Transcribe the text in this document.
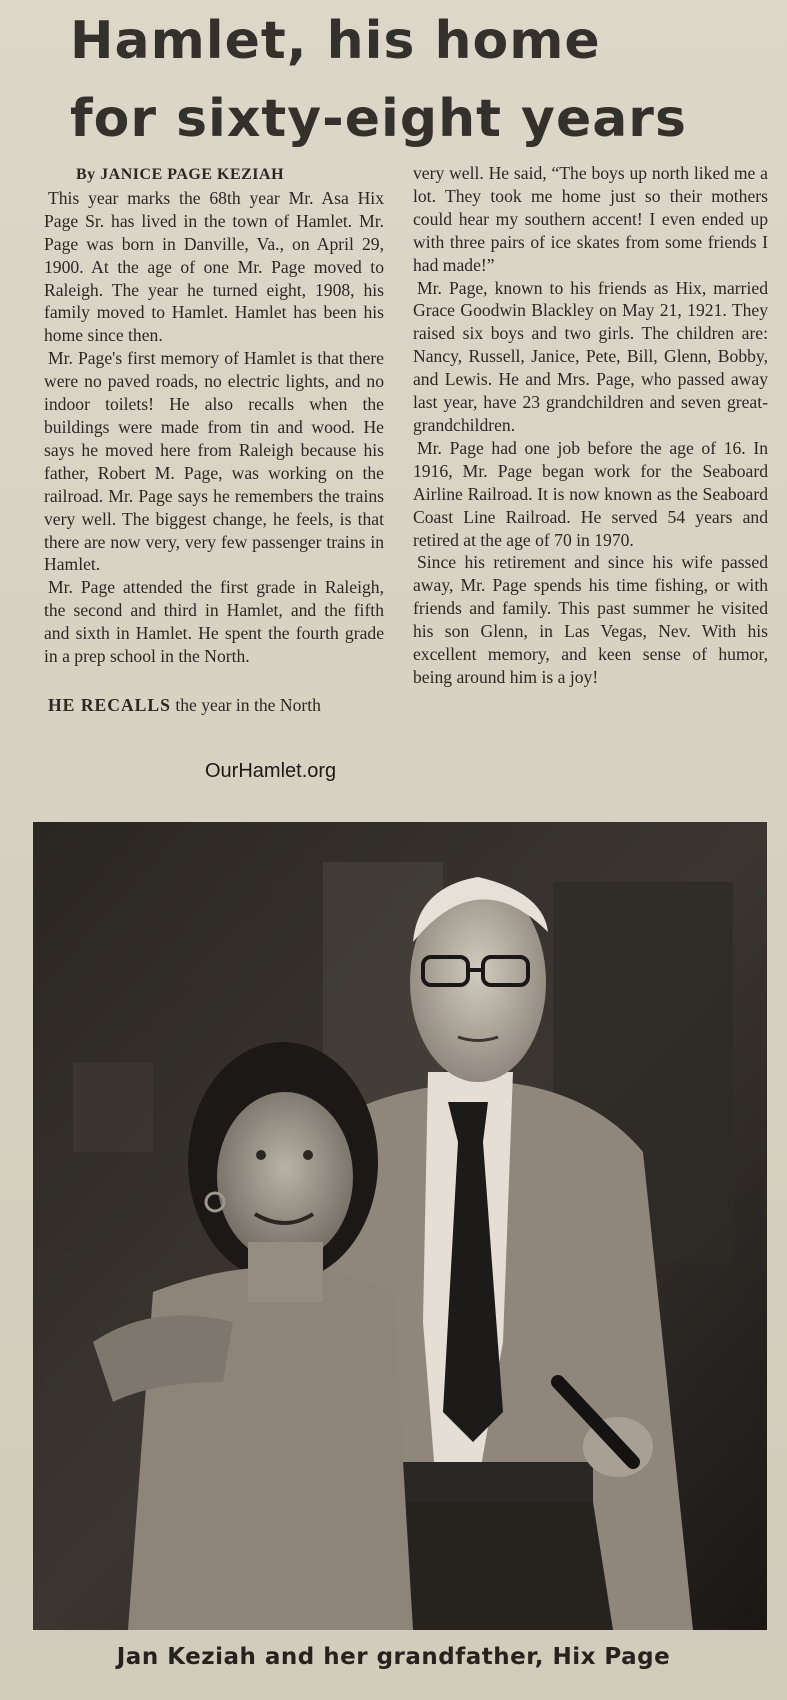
Hamlet, his home
for sixty-eight years
By JANICE PAGE KEZIAH

This year marks the 68th year Mr. Asa Hix Page Sr. has lived in the town of Hamlet. Mr. Page was born in Danville, Va., on April 29, 1900. At the age of one Mr. Page moved to Raleigh. The year he turned eight, 1908, his family moved to Hamlet. Hamlet has been his home since then.

Mr. Page's first memory of Hamlet is that there were no paved roads, no electric lights, and no indoor toilets! He also recalls when the buildings were made from tin and wood. He says he moved here from Raleigh because his father, Robert M. Page, was working on the railroad. Mr. Page says he remembers the trains very well. The biggest change, he feels, is that there are now very, very few passenger trains in Hamlet.

Mr. Page attended the first grade in Raleigh, the second and third in Hamlet, and the fifth and sixth in Hamlet. He spent the fourth grade in a prep school in the North.

HE RECALLS the year in the North

very well. He said, “The boys up north liked me a lot. They took me home just so their mothers could hear my southern accent! I even ended up with three pairs of ice skates from some friends I had made!”

Mr. Page, known to his friends as Hix, married Grace Goodwin Blackley on May 21, 1921. They raised six boys and two girls. The children are: Nancy, Russell, Janice, Pete, Bill, Glenn, Bobby, and Lewis. He and Mrs. Page, who passed away last year, have 23 grandchildren and seven great-grandchildren.

Mr. Page had one job before the age of 16. In 1916, Mr. Page began work for the Seaboard Airline Railroad. It is now known as the Seaboard Coast Line Railroad. He served 54 years and retired at the age of 70 in 1970.

Since his retirement and since his wife passed away, Mr. Page spends his time fishing, or with friends and family. This past summer he visited his son Glenn, in Las Vegas, Nev. With his excellent memory, and keen sense of humor, being around him is a joy!

OurHamlet.org
Jan Keziah and her grandfather, Hix Page
